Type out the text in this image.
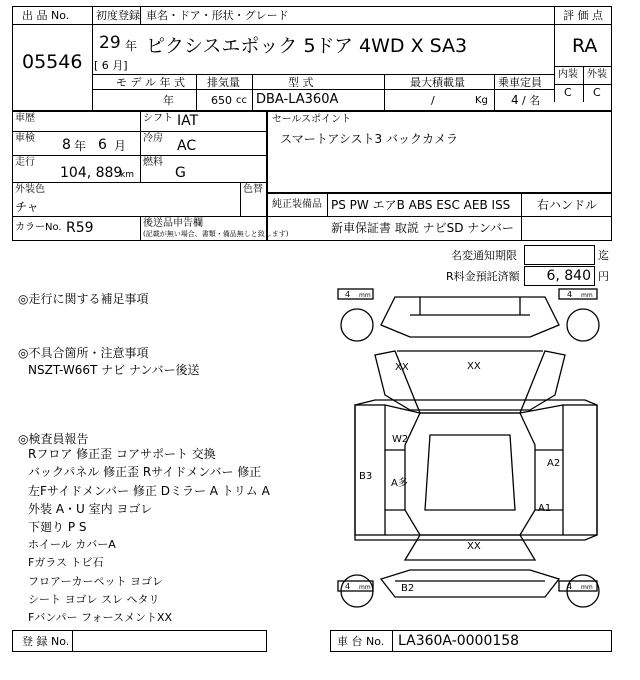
出 品 No.
05546
初度登録 車名・ドア・形状・グレード
29 年
[ 6 月]
ピクシスエポック 5ドア 4WD X SA3
評 価 点
RA
内装 外装
C C
モ デ ル 年 式 排気量	型 式	最大積載量	乗車定員
年	650 cc DBA-LA360A	/	Kg 4 / 名
車歴	シフト IAT
車検 8 年 6 月
冷房 AC
走行
104, 889
km
燃料
G
外装色
チャ
色替
カラーNo. R59	後送品申告欄
(記載が無い場合、書類・備品無しと致します)
セールスポイント
スマートアシスト3 バックカメラ
純正装備品 PS PW エアB ABS ESC AEB ISS 右ハンドル
新車保証書 取説 ナビSD ナンバー
名変通知期限	迄
R料金預託済額	6, 840 円
◎走行に関する補足事項
◎不具合箇所・注意事項
NSZT-W66T ナビ ナンバー後送
◎検査員報告
Rフロア 修正歪 コアサポート 交換
バックパネル 修正歪 Rサイドメンバー 修正
左Fサイドメンバー 修正 Dミラー A トリム A
外装 A・U 室内 ヨゴレ
下廻り P S
ホイール カバーA
Fガラス トビ石
フロアーカーペット ヨゴレ
シート ヨゴレ スレ ヘタリ
Fバンパー フォースメントXX
4 mm	4 mm
4 mm	4 mm
XX	XX
W2
B3
A多
A2
A1
XX
B2
登 録 No.	車 台 No. LA360A-0000158
